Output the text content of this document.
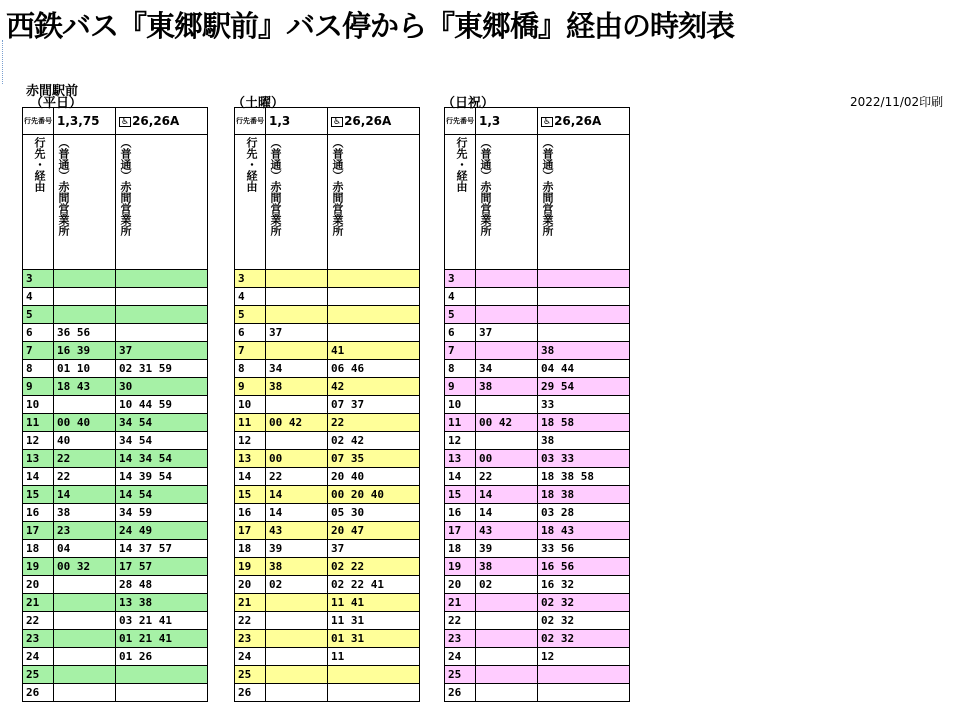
西鉄バス『東郷駅前』バス停から『東郷橋』経由の時刻表
2022/11/02印刷
赤間駅前
（平日）	（土曜）	（日祝）
行先番号	1,3,75	♿ 26,26A

行先・経由	（普通）赤間営業所	（普通）赤間営業所

3		
4		
5		
6	36 56	
7	16 39	37
8	01 10	02 31 59
9	18 43	30
10		10 44 59
11	00 40	34 54
12	40	34 54
13	22	14 34 54
14	22	14 39 54
15	14	14 54
16	38	34 59
17	23	24 49
18	04	14 37 57
19	00 32	17 57
20		28 48
21		13 38
22		03 21 41
23		01 21 41
24		01 26
25		
26		
行先番号	1,3	♿ 26,26A

行先・経由	（普通）赤間営業所	（普通）赤間営業所

3		
4		
5		
6	37	
7		41
8	34	06 46
9	38	42
10		07 37
11	00 42	22
12		02 42
13	00	07 35
14	22	20 40
15	14	00 20 40
16	14	05 30
17	43	20 47
18	39	37
19	38	02 22
20	02	02 22 41
21		11 41
22		11 31
23		01 31
24		11
25		
26		
行先番号	1,3	♿ 26,26A

行先・経由	（普通）赤間営業所	（普通）赤間営業所

3		
4		
5		
6	37	
7		38
8	34	04 44
9	38	29 54
10		33
11	00 42	18 58
12		38
13	00	03 33
14	22	18 38 58
15	14	18 38
16	14	03 28
17	43	18 43
18	39	33 56
19	38	16 56
20	02	16 32
21		02 32
22		02 32
23		02 32
24		12
25		
26		
